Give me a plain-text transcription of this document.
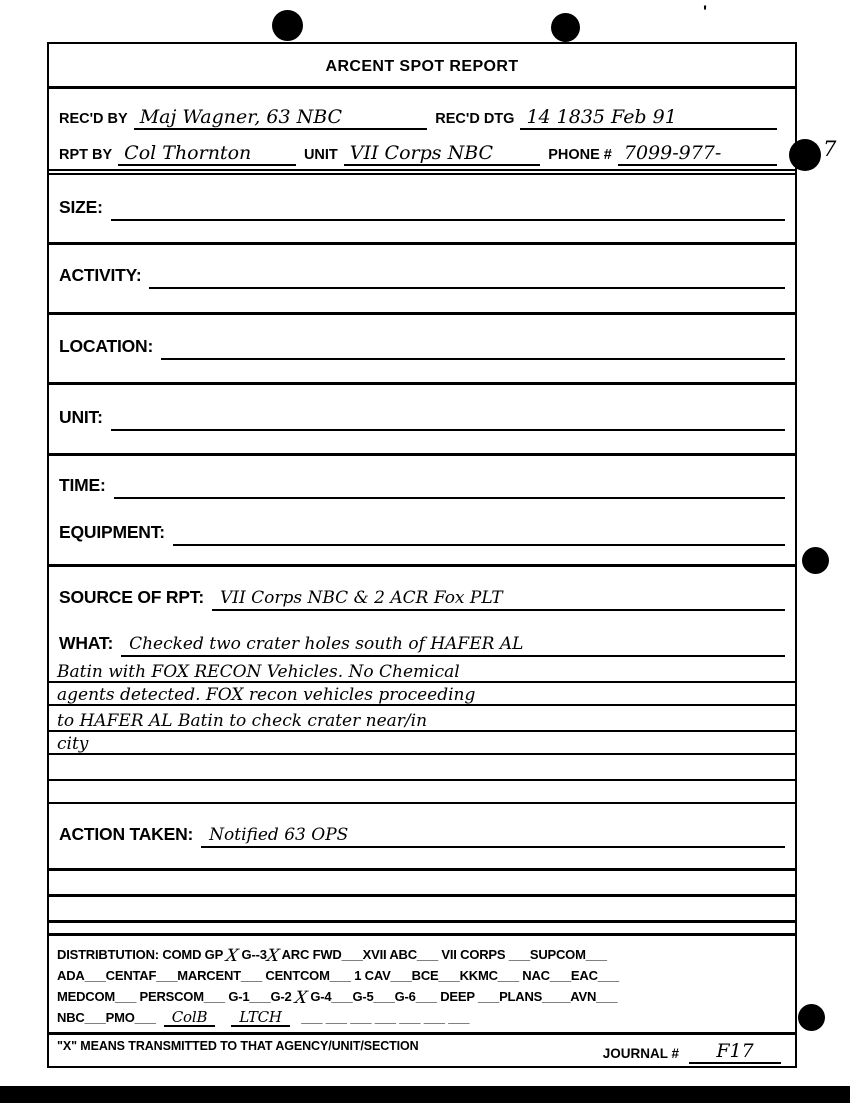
'
7
ARCENT SPOT REPORT
REC'D BY Maj Wagner, 63 NBC	REC'D DTG 14 1835 Feb 91
RPT BY Col Thornton	UNIT VII Corps NBC	PHONE # 7099-977-
SIZE:
ACTIVITY:
LOCATION:
UNIT:
TIME:
EQUIPMENT:
SOURCE OF RPT: VII Corps NBC & 2 ACR Fox PLT
WHAT: Checked two crater holes south of HAFER AL
Batin with FOX RECON Vehicles. No Chemical
agents detected. FOX recon vehicles proceeding
to HAFER AL Batin to check crater near/in
city
ACTION TAKEN: Notified 63 OPS
DISTRIBTUTION: COMD GP X G--3X ARC FWD___XVII ABC___ VII CORPS ___SUPCOM___
ADA___CENTAF___MARCENT___ CENTCOM___ 1 CAV___BCE___KKMC___ NAC___EAC___
MEDCOM___ PERSCOM___ G-1___G-2 X G-4___G-5___G-6___ DEEP ___PLANS____AVN___
NBC___PMO___ ColB LTCH ___ ___ ___ ___ ___ ___ ___
"X" MEANS TRANSMITTED TO THAT AGENCY/UNIT/SECTION	JOURNAL #	F17
